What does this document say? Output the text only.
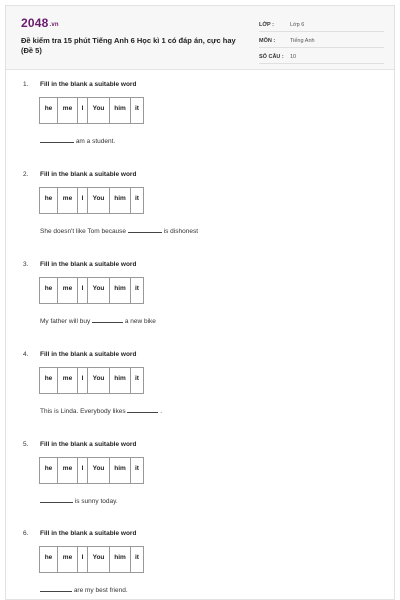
2048.vn
Đề kiểm tra 15 phút Tiếng Anh 6 Học kì 1 có đáp án, cực hay (Đề 5)
LỚP :	Lớp 6
MÔN :	Tiếng Anh
SỐ CÂU : 10
1. Fill in the blank a suitable word
he	me	I	You	him	it
am a student.
2. Fill in the blank a suitable word
he	me	I	You	him	it
She doesn't like Tom because	is dishonest
3. Fill in the blank a suitable word
he	me	I	You	him	it
My father will buy	a new bike
4. Fill in the blank a suitable word
he	me	I	You	him	it
This is Linda. Everybody likes	.
5. Fill in the blank a suitable word
he	me	I	You	him	it
is sunny today.
6. Fill in the blank a suitable word
he	me	I	You	him	it
are my best friend.
